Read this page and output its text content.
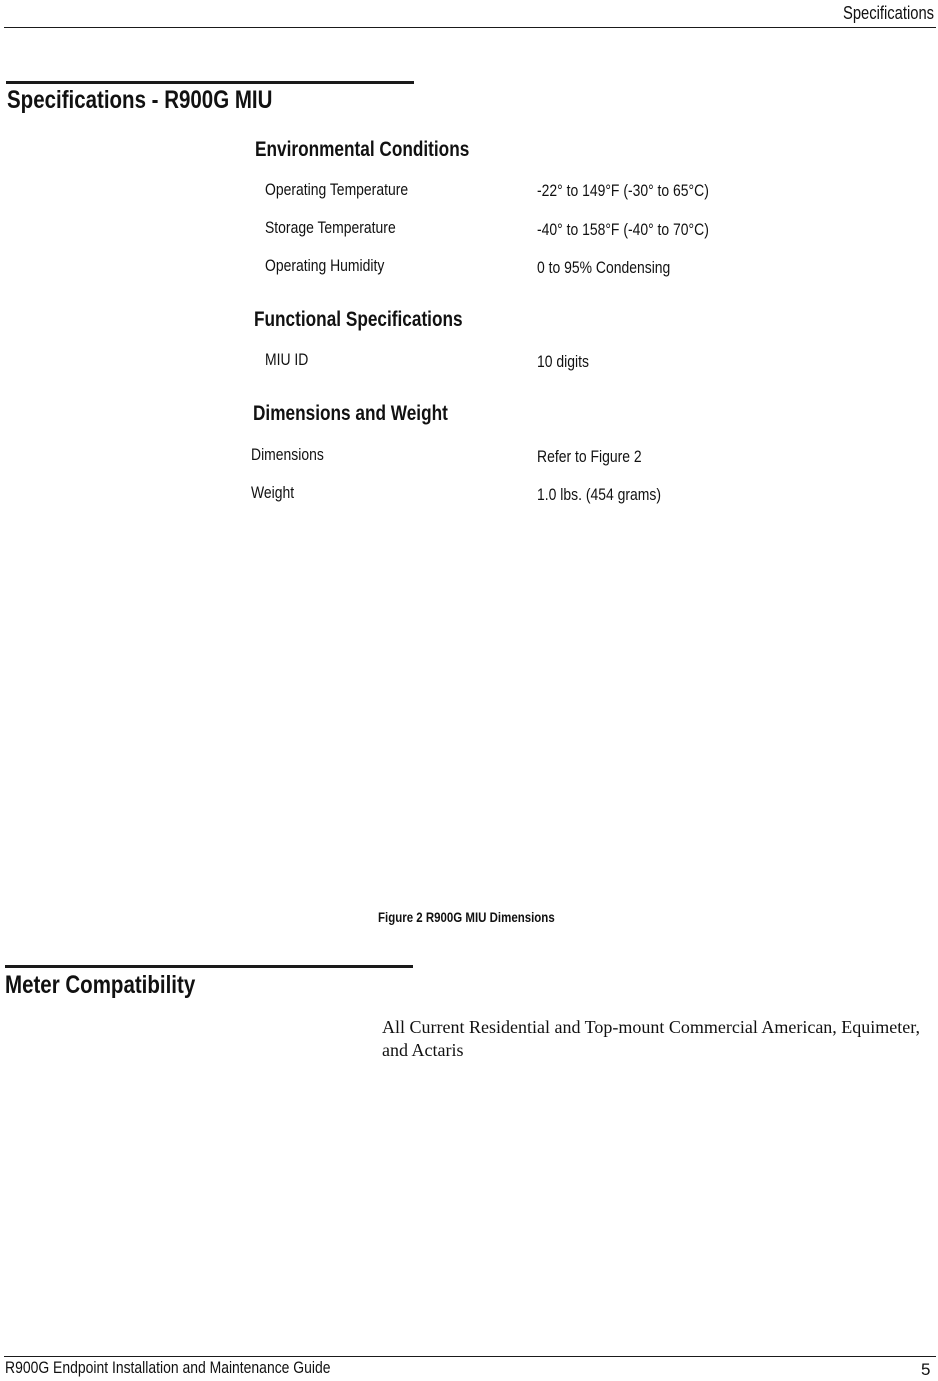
Specifications
Specifications - R900G MIU
Environmental Conditions
Operating Temperature	-22° to 149°F (-30° to 65°C)
Storage Temperature	-40° to 158°F (-40° to 70°C)
Operating Humidity	0 to 95% Condensing
Functional Specifications
MIU ID	10 digits
Dimensions and Weight
Dimensions	Refer to Figure 2
Weight	1.0 lbs. (454 grams)
Figure 2 R900G MIU Dimensions
Meter Compatibility
All Current Residential and Top-mount Commercial American, Equimeter, and Actaris
R900G Endpoint Installation and Maintenance Guide	5
